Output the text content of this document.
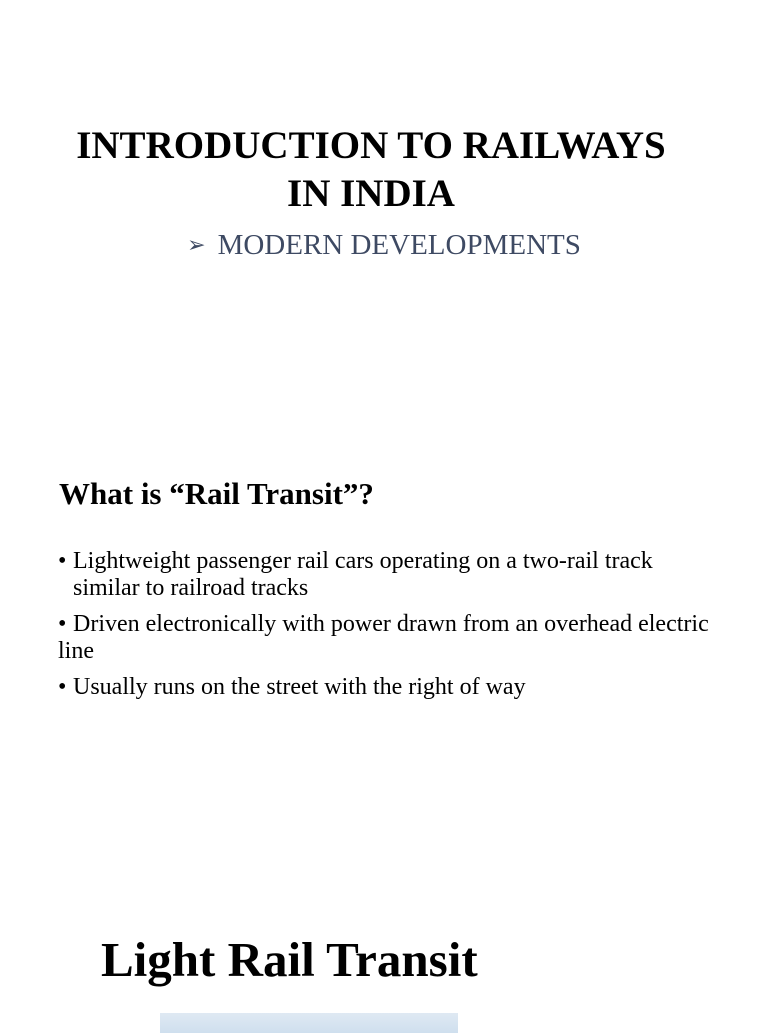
INTRODUCTION TO RAILWAYS
IN INDIA

➢ MODERN DEVELOPMENTS

What is “Rail Transit”?
• Lightweight passenger rail cars operating on a two-rail track similar to railroad tracks
• Driven electronically with power drawn from an overhead electric line
• Usually runs on the street with the right of way
Light Rail Transit
